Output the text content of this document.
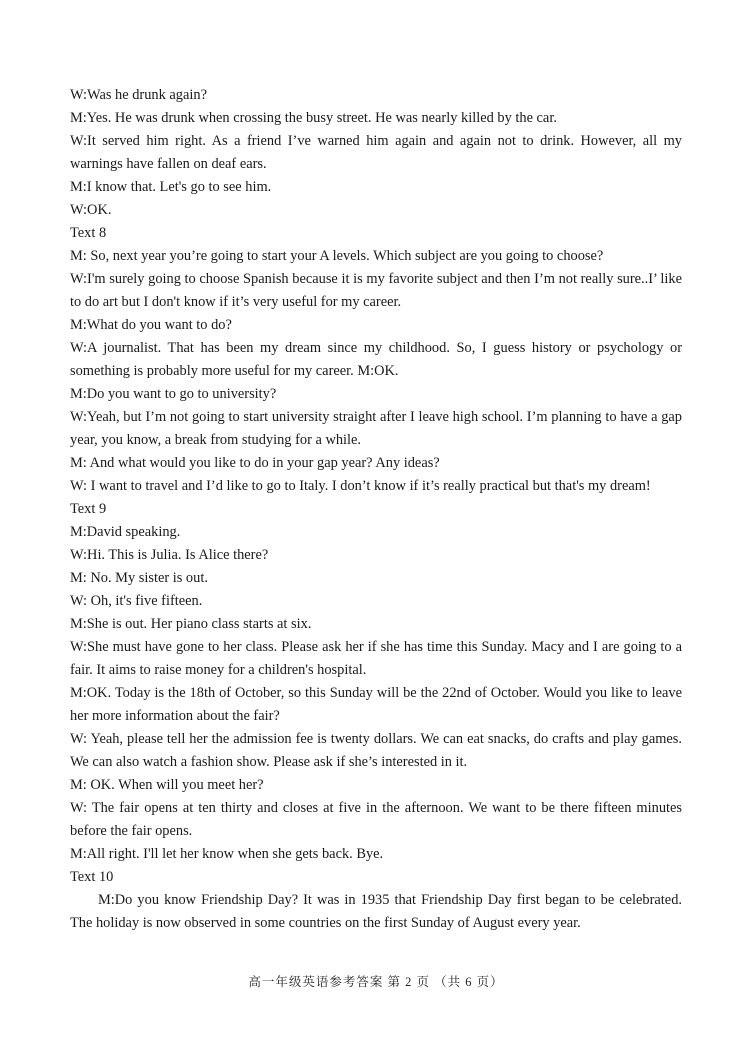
W:Was he drunk again?
M:Yes. He was drunk when crossing the busy street. He was nearly killed by the car.
W:It served him right. As a friend I’ve warned him again and again not to drink. However, all my warnings have fallen on deaf ears.
M:I know that. Let's go to see him.
W:OK.
Text 8
M: So, next year you’re going to start your A levels. Which subject are you going to choose?
W:I'm surely going to choose Spanish because it is my favorite subject and then I’m not really sure..I’ like to do art but I don't know if it’s very useful for my career.
M:What do you want to do?
W:A journalist. That has been my dream since my childhood. So, I guess history or psychology or something is probably more useful for my career. M:OK.
M:Do you want to go to university?
W:Yeah, but I’m not going to start university straight after I leave high school. I’m planning to have a gap year, you know, a break from studying for a while.
M: And what would you like to do in your gap year? Any ideas?
W: I want to travel and I’d like to go to Italy. I don’t know if it’s really practical but that's my dream!
Text 9
M:David speaking.
W:Hi. This is Julia. Is Alice there?
M: No. My sister is out.
W: Oh, it's five fifteen.
M:She is out. Her piano class starts at six.
W:She must have gone to her class. Please ask her if she has time this Sunday. Macy and I are going to a fair. It aims to raise money for a children's hospital.
M:OK. Today is the 18th of October, so this Sunday will be the 22nd of October. Would you like to leave her more information about the fair?
W: Yeah, please tell her the admission fee is twenty dollars. We can eat snacks, do crafts and play games. We can also watch a fashion show. Please ask if she’s interested in it.
M: OK. When will you meet her?
W: The fair opens at ten thirty and closes at five in the afternoon. We want to be there fifteen minutes before the fair opens.
M:All right. I'll let her know when she gets back. Bye.
Text 10
M:Do you know Friendship Day? It was in 1935 that Friendship Day first began to be celebrated. The holiday is now observed in some countries on the first Sunday of August every year.
高一年级英语参考答案 第 2 页 （共 6 页）
